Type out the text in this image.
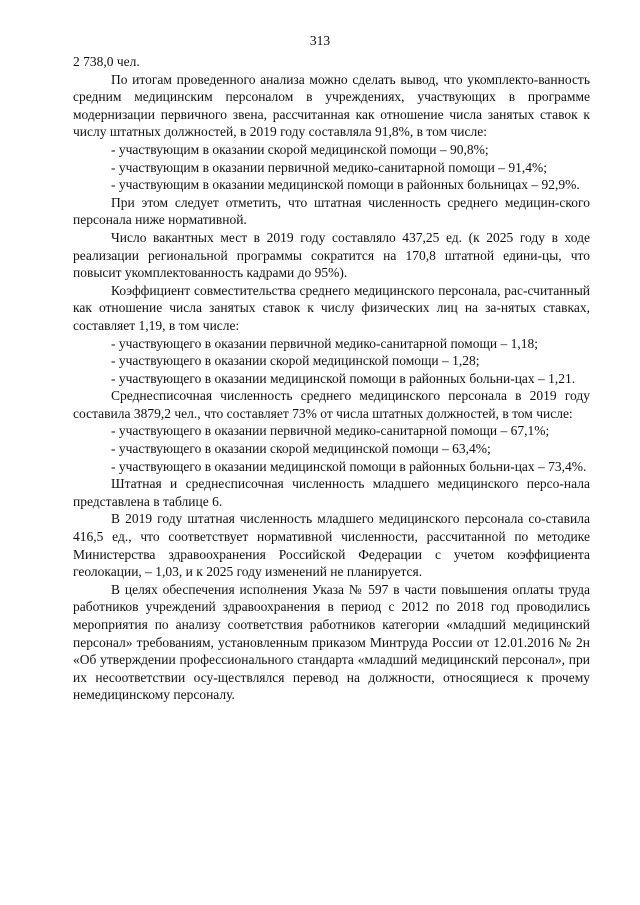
313

2 738,0 чел.

По итогам проведенного анализа можно сделать вывод, что укомплекто-ванность средним медицинским персоналом в учреждениях, участвующих в программе модернизации первичного звена, рассчитанная как отношение числа занятых ставок к числу штатных должностей, в 2019 году составляла 91,8%, в том числе:

- участвующим в оказании скорой медицинской помощи – 90,8%;

- участвующим в оказании первичной медико-санитарной помощи – 91,4%;

- участвующим в оказании медицинской помощи в районных больницах – 92,9%.

При этом следует отметить, что штатная численность среднего медицин-ского персонала ниже нормативной.

Число вакантных мест в 2019 году составляло 437,25 ед. (к 2025 году в ходе реализации региональной программы сократится на 170,8 штатной едини-цы, что повысит укомплектованность кадрами до 95%).

Коэффициент совместительства среднего медицинского персонала, рас-считанный как отношение числа занятых ставок к числу физических лиц на за-нятых ставках, составляет 1,19, в том числе:

- участвующего в оказании первичной медико-санитарной помощи – 1,18;

- участвующего в оказании скорой медицинской помощи – 1,28;

- участвующего в оказании медицинской помощи в районных больни-цах – 1,21.

Среднесписочная численность среднего медицинского персонала в 2019 году составила 3879,2 чел., что составляет 73% от числа штатных должностей, в том числе:

- участвующего в оказании первичной медико-санитарной помощи – 67,1%;

- участвующего в оказании скорой медицинской помощи – 63,4%;

- участвующего в оказании медицинской помощи в районных больни-цах – 73,4%.

Штатная и среднесписочная численность младшего медицинского персо-нала представлена в таблице 6.

В 2019 году штатная численность младшего медицинского персонала со-ставила 416,5 ед., что соответствует нормативной численности, рассчитанной по методике Министерства здравоохранения Российской Федерации с учетом коэффициента геолокации, – 1,03, и к 2025 году изменений не планируется.

В целях обеспечения исполнения Указа № 597 в части повышения оплаты труда работников учреждений здравоохранения в период с 2012 по 2018 год проводились мероприятия по анализу соответствия работников категории «младший медицинский персонал» требованиям, установленным приказом Минтруда России от 12.01.2016 № 2н «Об утверждении профессионального стандарта «младший медицинский персонал», при их несоответствии осу-ществлялся перевод на должности, относящиеся к прочему немедицинскому персоналу.
